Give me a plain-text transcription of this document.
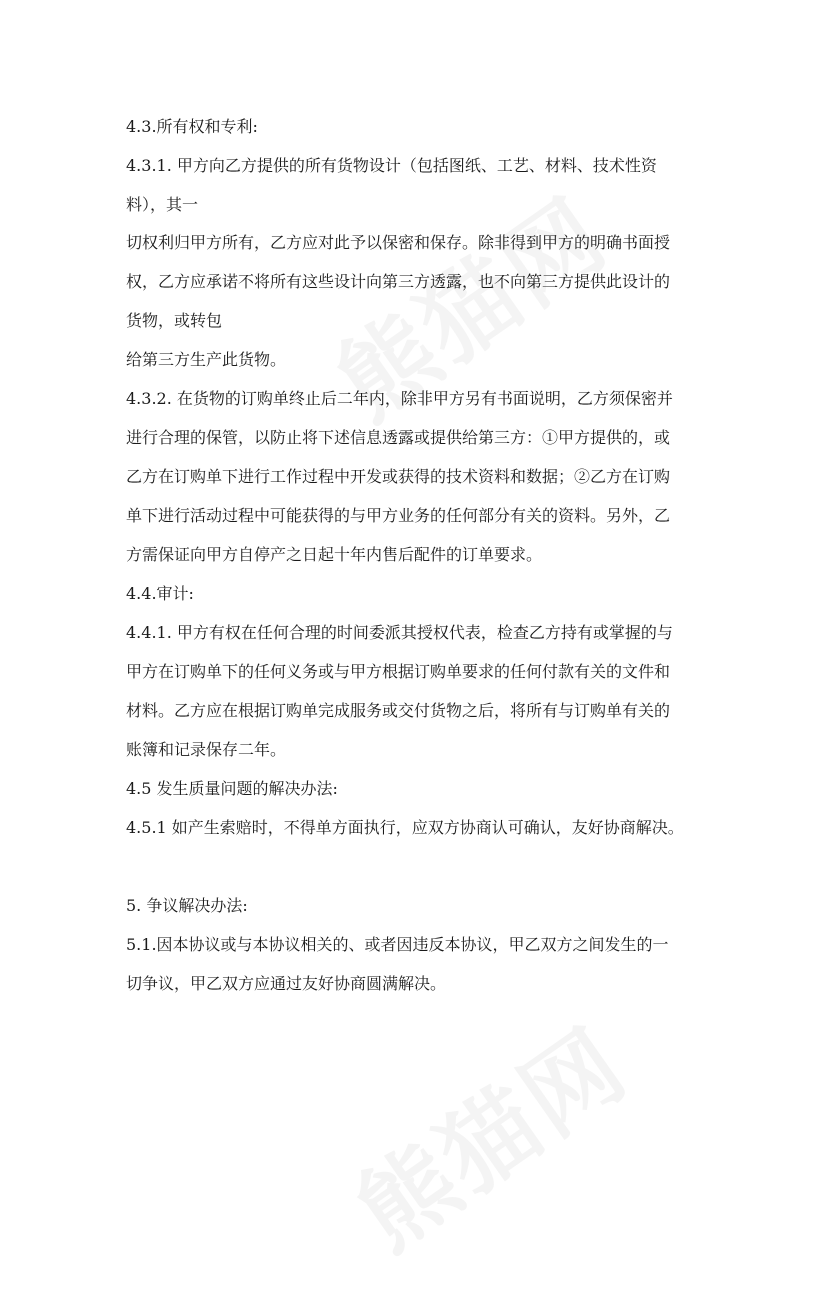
4.3.所有权和专利:
4.3.1. 甲方向乙方提供的所有货物设计（包括图纸、工艺、材料、技术性资
料），其一
切权利归甲方所有，乙方应对此予以保密和保存。除非得到甲方的明确书面授
权，乙方应承诺不将所有这些设计向第三方透露，也不向第三方提供此设计的
货物，或转包
给第三方生产此货物。
4.3.2. 在货物的订购单终止后二年内，除非甲方另有书面说明，乙方须保密并
进行合理的保管，以防止将下述信息透露或提供给第三方：①甲方提供的，或
乙方在订购单下进行工作过程中开发或获得的技术资料和数据；②乙方在订购
单下进行活动过程中可能获得的与甲方业务的任何部分有关的资料。另外，乙
方需保证向甲方自停产之日起十年内售后配件的订单要求。
4.4.审计:
4.4.1. 甲方有权在任何合理的时间委派其授权代表，检查乙方持有或掌握的与
甲方在订购单下的任何义务或与甲方根据订购单要求的任何付款有关的文件和
材料。乙方应在根据订购单完成服务或交付货物之后，将所有与订购单有关的
账簿和记录保存二年。
4.5 发生质量问题的解决办法:
4.5.1 如产生索赔时，不得单方面执行，应双方协商认可确认，友好协商解决。
5. 争议解决办法:
5.1.因本协议或与本协议相关的、或者因违反本协议，甲乙双方之间发生的一
切争议，甲乙双方应通过友好协商圆满解决。
